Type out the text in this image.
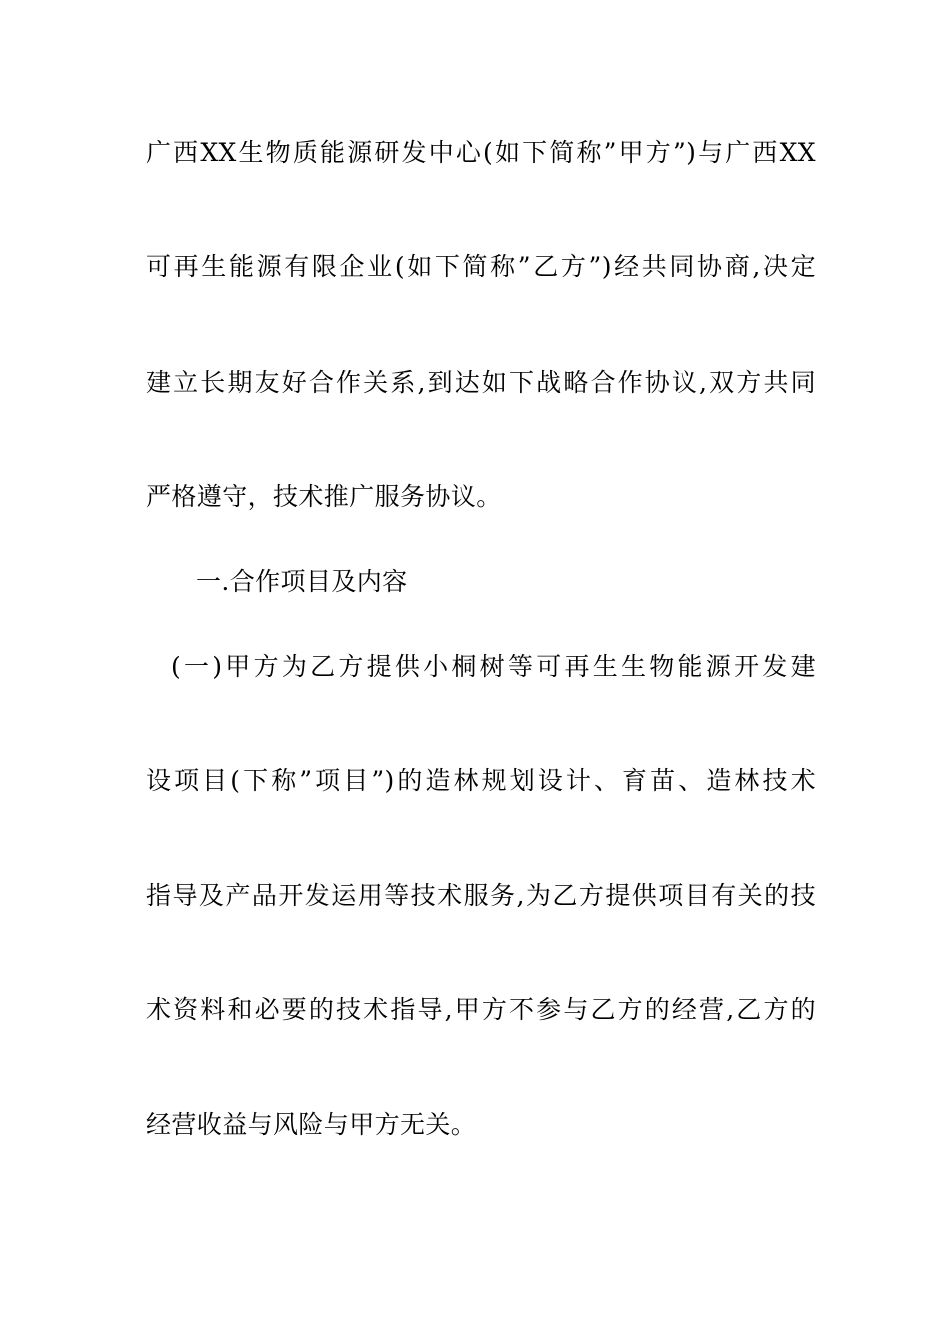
广西XX生物质能源研发中心(如下简称”甲方”)与广西XX
可再生能源有限企业(如下简称”乙方”)经共同协商,决定
建立长期友好合作关系,到达如下战略合作协议,双方共同
严格遵守，技术推广服务协议。
一.合作项目及内容
(一)甲方为乙方提供小桐树等可再生生物能源开发建
设项目(下称”项目”)的造林规划设计、育苗、造林技术
指导及产品开发运用等技术服务,为乙方提供项目有关的技
术资料和必要的技术指导,甲方不参与乙方的经营,乙方的
经营收益与风险与甲方无关。
